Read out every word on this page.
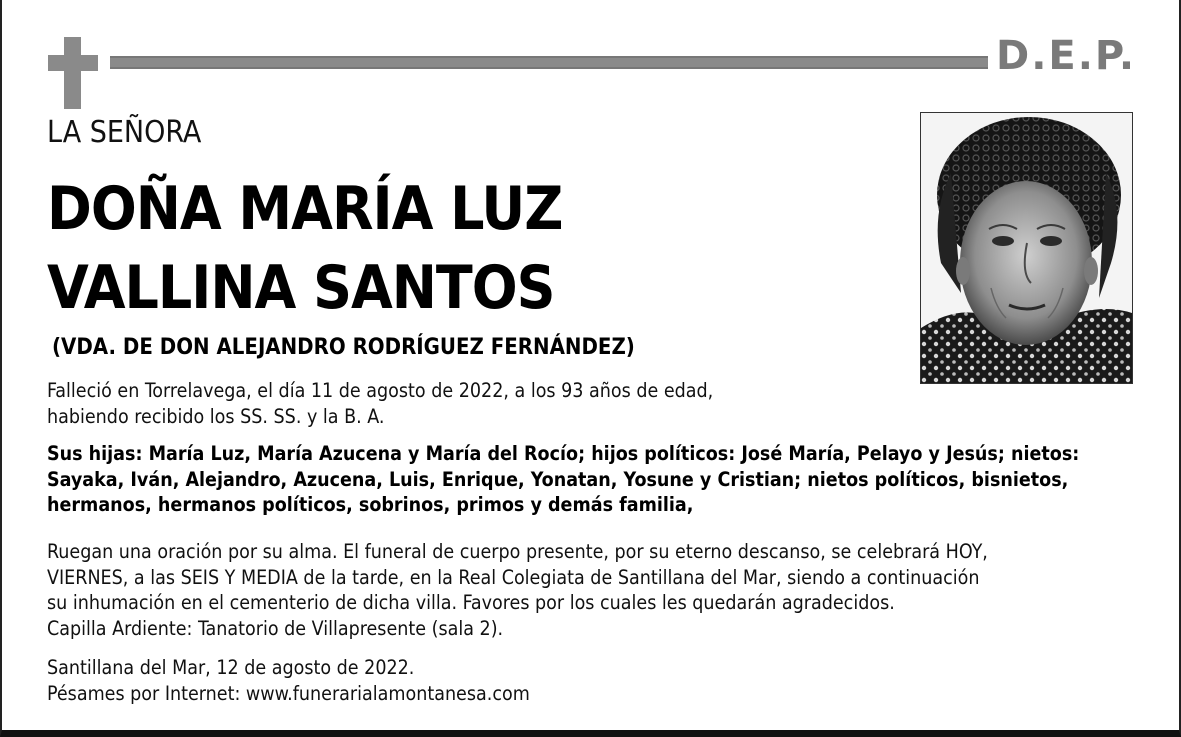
D.E.P.
LA SEÑORA
DOÑA MARÍA LUZ
VALLINA SANTOS
(VDA. DE DON ALEJANDRO RODRÍGUEZ FERNÁNDEZ)
Falleció en Torrelavega, el día 11 de agosto de 2022, a los 93 años de edad,
habiendo recibido los SS. SS. y la B. A.
Sus hijas: María Luz, María Azucena y María del Rocío; hijos políticos: José María, Pelayo y Jesús; nietos:
Sayaka, Iván, Alejandro, Azucena, Luis, Enrique, Yonatan, Yosune y Cristian; nietos políticos, bisnietos,
hermanos, hermanos políticos, sobrinos, primos y demás familia,
Ruegan una oración por su alma. El funeral de cuerpo presente, por su eterno descanso, se celebrará HOY,
VIERNES, a las SEIS Y MEDIA de la tarde, en la Real Colegiata de Santillana del Mar, siendo a continuación
su inhumación en el cementerio de dicha villa. Favores por los cuales les quedarán agradecidos.
Capilla Ardiente: Tanatorio de Villapresente (sala 2).
Santillana del Mar, 12 de agosto de 2022.
Pésames por Internet: www.funerarialamontanesa.com
